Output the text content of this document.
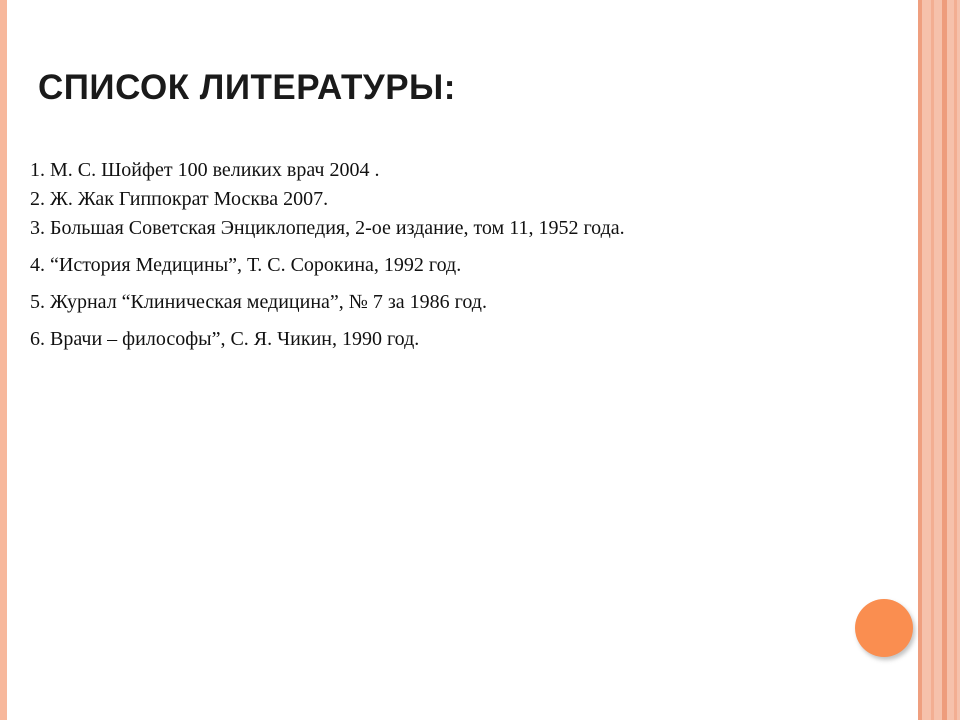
СПИСОК ЛИТЕРАТУРЫ:
1. М. С. Шойфет 100 великих врач 2004 .
2. Ж. Жак Гиппократ Москва 2007.
3. Большая Советская Энциклопедия, 2-ое издание, том 11, 1952 года.
4. “История Медицины”, Т. С. Сорокина, 1992 год.
5. Журнал “Клиническая медицина”, № 7 за 1986 год.
6. Врачи – философы”, С. Я. Чикин, 1990 год.
